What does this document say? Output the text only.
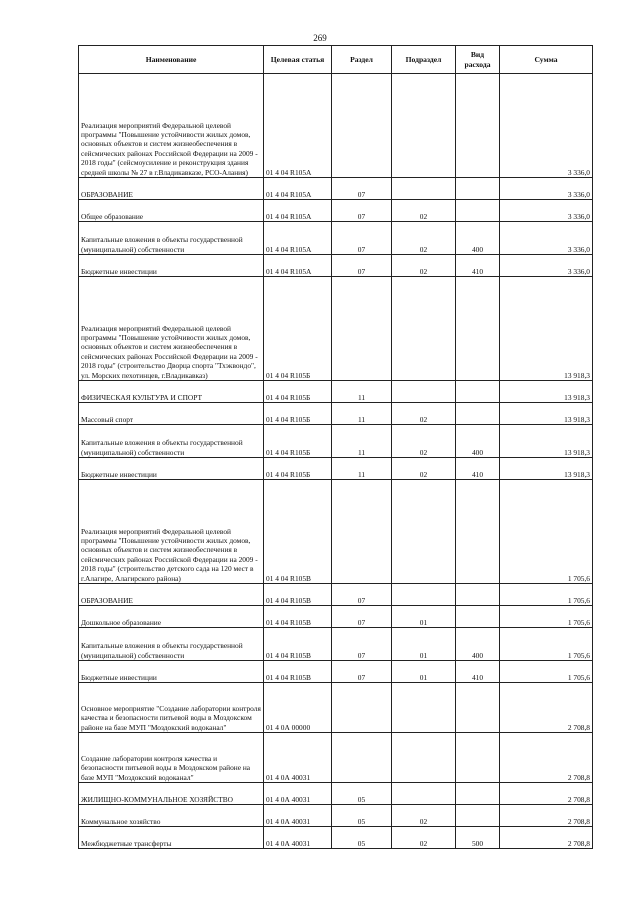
269
Наименование	Целевая статья	Раздел	Подраздел	Вид расхода	Сумма
Реализация мероприятий Федеральной целевой программы "Повышение устойчивости жилых домов, основных объектов и систем жизнеобеспечения в сейсмических районах Российской Федерации на 2009 - 2018 годы" (сейсмоусиление и реконструкция здания средней школы № 27 в г.Владикавказе, РСО-Алания)	01 4 04 R105А				3 336,0
ОБРАЗОВАНИЕ	01 4 04 R105А	07			3 336,0
Общее образование	01 4 04 R105А	07	02		3 336,0
Капитальные вложения в объекты государственной (муниципальной) собственности	01 4 04 R105А	07	02	400	3 336,0
Бюджетные инвестиции	01 4 04 R105А	07	02	410	3 336,0
Реализация мероприятий Федеральной целевой программы "Повышение устойчивости жилых домов, основных объектов и систем жизнеобеспечения в сейсмических районах Российской Федерации на 2009 - 2018 годы" (строительство Дворца спорта "Тхэквондо", ул. Морских пехотинцев, г.Владикавказ)	01 4 04 R105Б				13 918,3
ФИЗИЧЕСКАЯ КУЛЬТУРА И СПОРТ	01 4 04 R105Б	11			13 918,3
Массовый спорт	01 4 04 R105Б	11	02		13 918,3
Капитальные вложения в объекты государственной (муниципальной) собственности	01 4 04 R105Б	11	02	400	13 918,3
Бюджетные инвестиции	01 4 04 R105Б	11	02	410	13 918,3
Реализация мероприятий Федеральной целевой программы "Повышение устойчивости жилых домов, основных объектов и систем жизнеобеспечения в сейсмических районах Российской Федерации на 2009 - 2018 годы" (строительство детского сада на 120 мест в г.Алагире, Алагирского района)	01 4 04 R105В				1 705,6
ОБРАЗОВАНИЕ	01 4 04 R105В	07			1 705,6
Дошкольное образование	01 4 04 R105В	07	01		1 705,6
Капитальные вложения в объекты государственной (муниципальной) собственности	01 4 04 R105В	07	01	400	1 705,6
Бюджетные инвестиции	01 4 04 R105В	07	01	410	1 705,6
Основное мероприятие "Создание лаборатории контроля качества и безопасности питьевой воды в Моздокском районе на базе МУП "Моздокский водоканал"	01 4 0А 00000				2 708,8
Создание лаборатории контроля качества и безопасности питьевой воды в Моздокском районе на базе МУП "Моздокский водоканал"	01 4 0А 40031				2 708,8
ЖИЛИЩНО-КОММУНАЛЬНОЕ ХОЗЯЙСТВО	01 4 0А 40031	05			2 708,8
Коммунальное хозяйство	01 4 0А 40031	05	02		2 708,8
Межбюджетные трансферты	01 4 0А 40031	05	02	500	2 708,8
